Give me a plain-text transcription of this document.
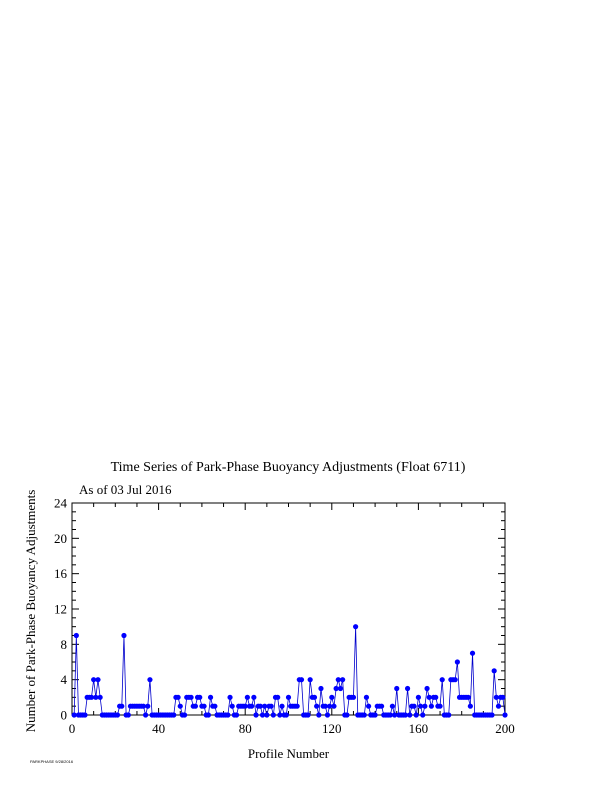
Time Series of Park-Phase Buoyancy Adjustments (Float 6711)
As of 03 Jul 2016
Profile Number
Number of Park-Phase Buoyancy Adjustments
PARKPHASE 9/28/2016
0	40	80	120	160	200
0
4
8
12
16
20
24
